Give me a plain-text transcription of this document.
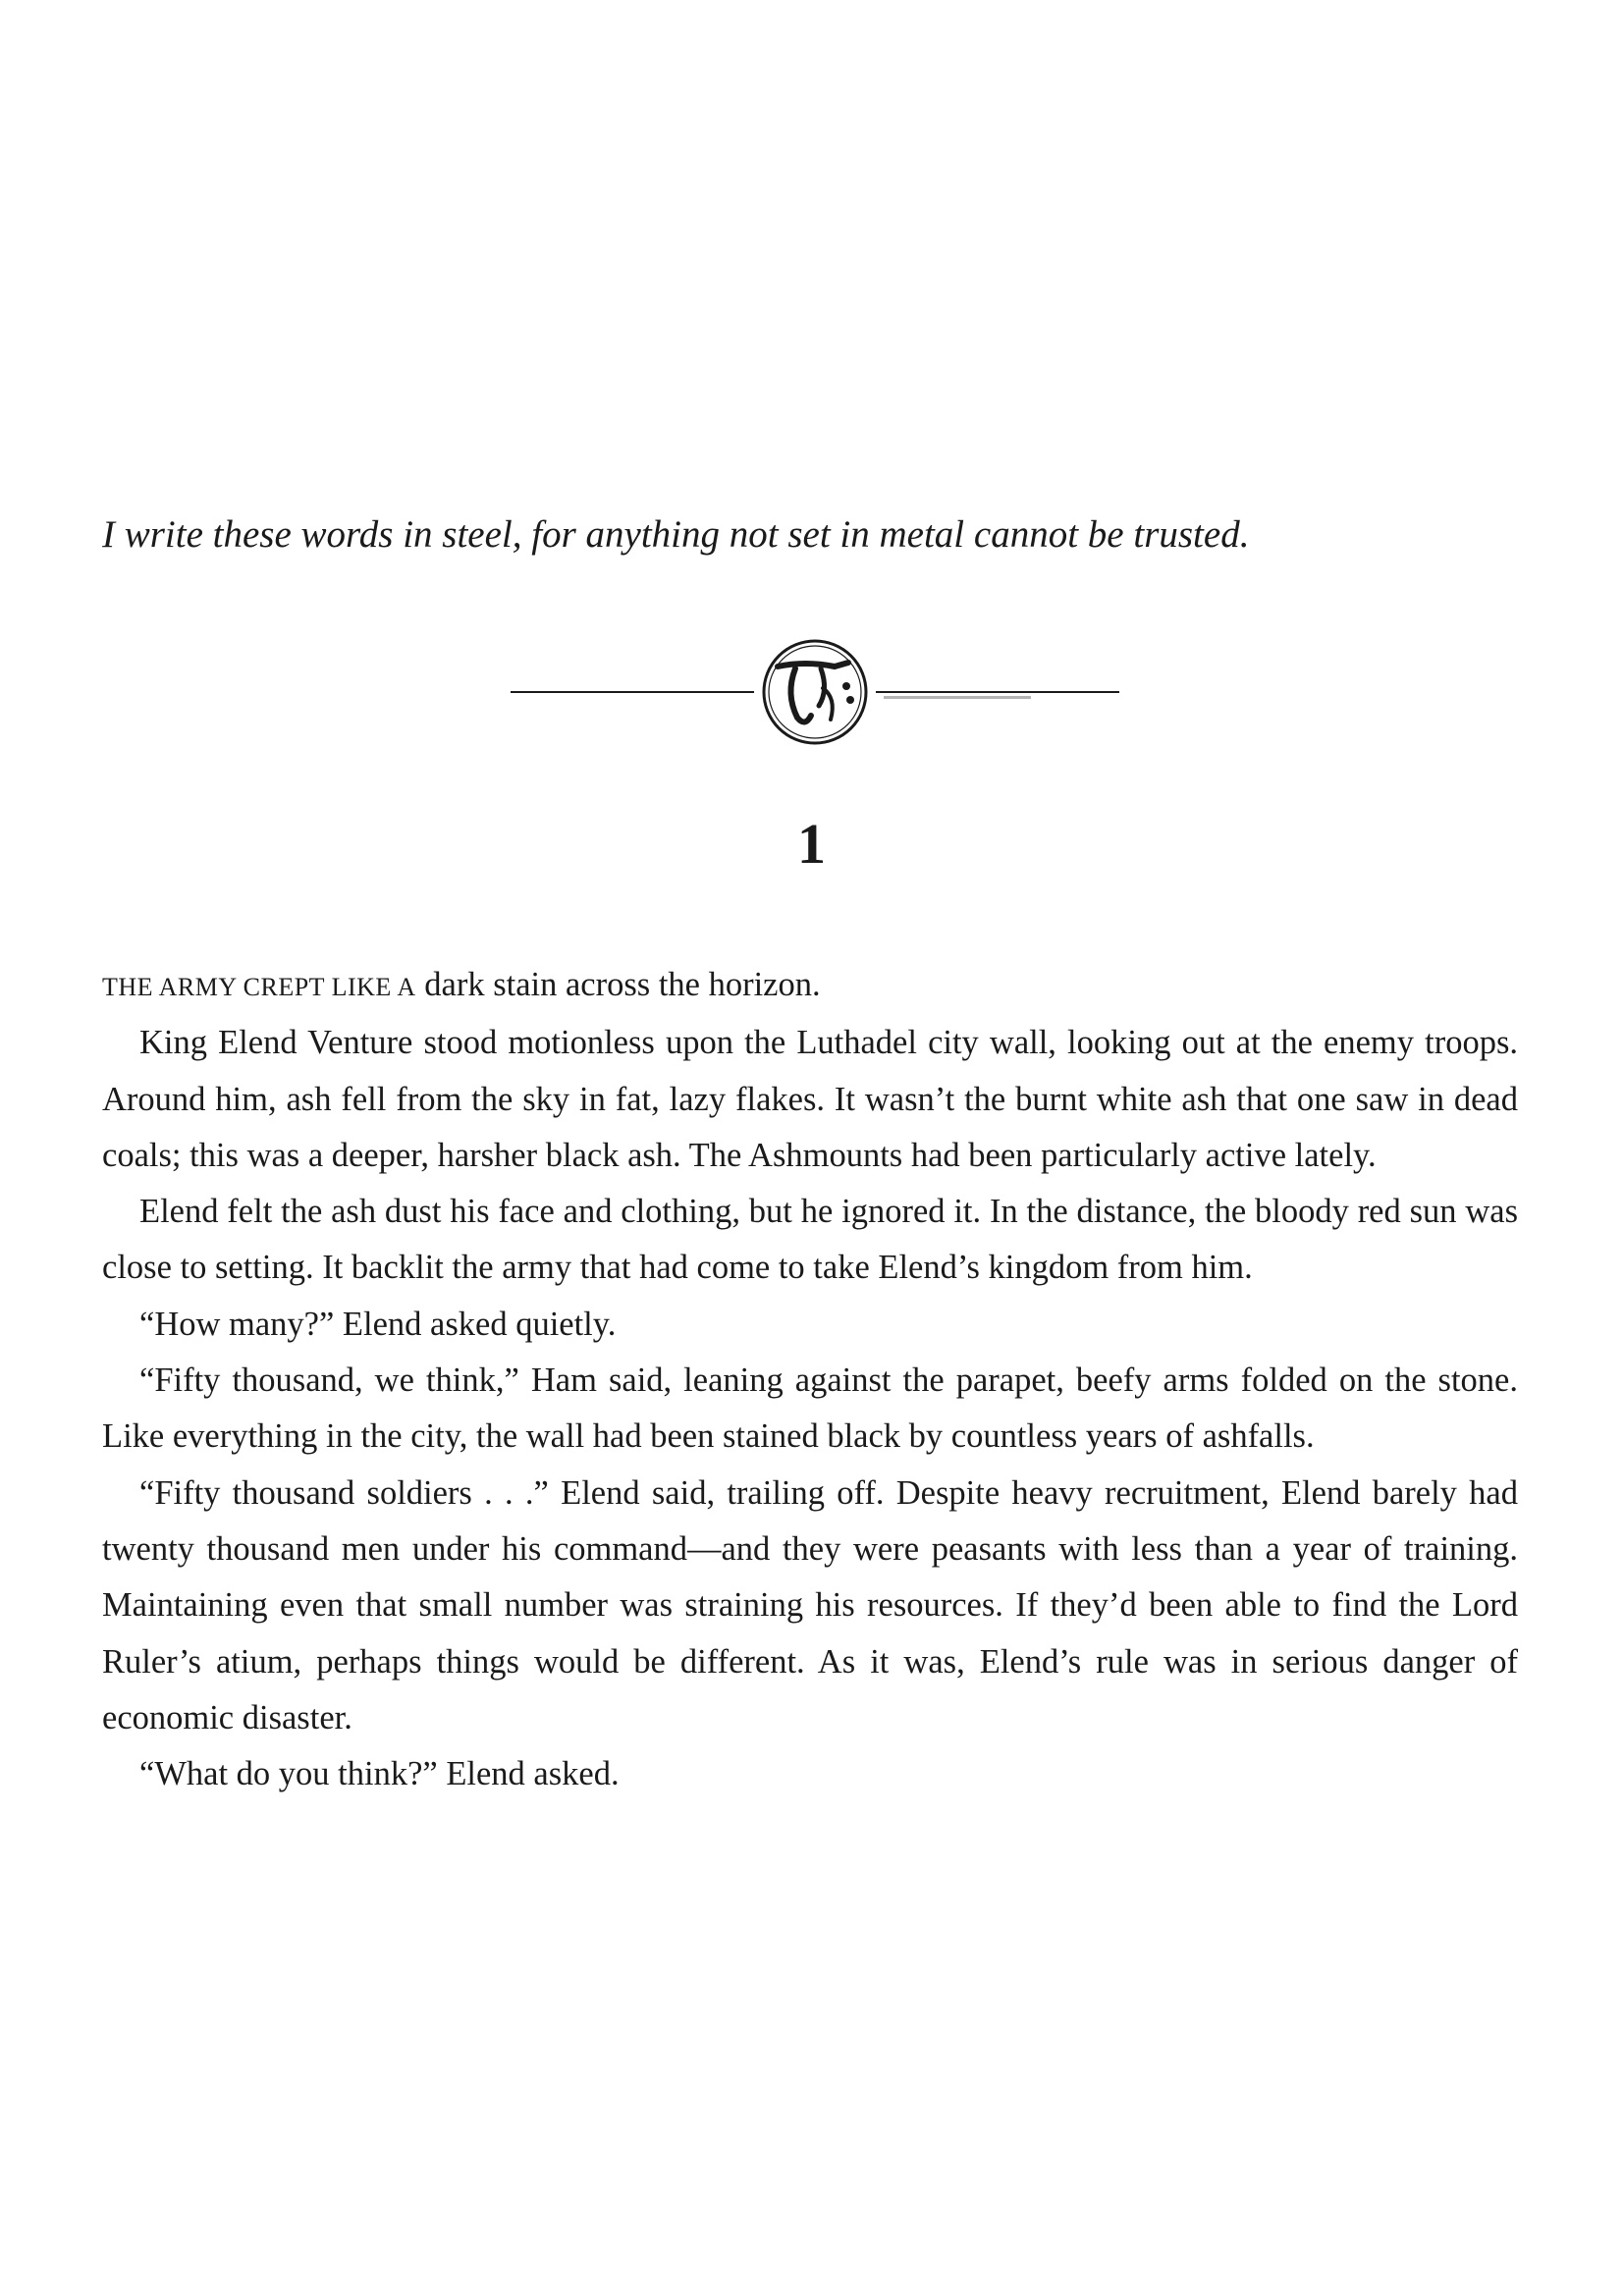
I write these words in steel, for anything not set in metal cannot be trusted.

1

THE ARMY CREPT LIKE A dark stain across the horizon.

King Elend Venture stood motionless upon the Luthadel city wall, looking out at the enemy troops. Around him, ash fell from the sky in fat, lazy flakes. It wasn’t the burnt white ash that one saw in dead coals; this was a deeper, harsher black ash. The Ashmounts had been particularly active lately.

Elend felt the ash dust his face and clothing, but he ignored it. In the distance, the bloody red sun was close to setting. It backlit the army that had come to take Elend’s kingdom from him.

“How many?” Elend asked quietly.

“Fifty thousand, we think,” Ham said, leaning against the parapet, beefy arms folded on the stone. Like everything in the city, the wall had been stained black by countless years of ashfalls.

“Fifty thousand soldiers . . .” Elend said, trailing off. Despite heavy recruitment, Elend barely had twenty thousand men under his command—and they were peasants with less than a year of training. Maintaining even that small number was straining his resources. If they’d been able to find the Lord Ruler’s atium, perhaps things would be different. As it was, Elend’s rule was in serious danger of economic disaster.

“What do you think?” Elend asked.
